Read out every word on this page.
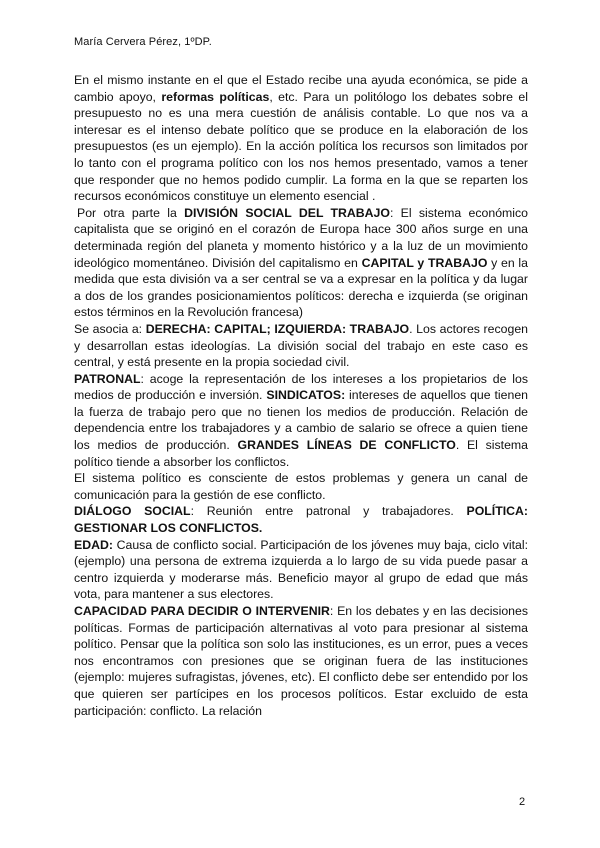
María Cervera Pérez, 1ºDP.

En el mismo instante en el que el Estado recibe una ayuda económica, se pide a cambio apoyo, reformas políticas, etc. Para un politólogo los debates sobre el presupuesto no es una mera cuestión de análisis contable. Lo que nos va a interesar es el intenso debate político que se produce en la elaboración de los presupuestos (es un ejemplo). En la acción política los recursos son limitados por lo tanto con el programa político con los nos hemos presentado, vamos a tener que responder que no hemos podido cumplir. La forma en la que se reparten los recursos económicos constituye un elemento esencial .

Por otra parte la DIVISIÓN SOCIAL DEL TRABAJO: El sistema económico capitalista que se originó en el corazón de Europa hace 300 años surge en una determinada región del planeta y momento histórico y a la luz de un movimiento ideológico momentáneo. División del capitalismo en CAPITAL y TRABAJO y en la medida que esta división va a ser central se va a expresar en la política y da lugar a dos de los grandes posicionamientos políticos: derecha e izquierda (se originan estos términos en la Revolución francesa)

Se asocia a: DERECHA: CAPITAL; IZQUIERDA: TRABAJO. Los actores recogen y desarrollan estas ideologías. La división social del trabajo en este caso es central, y está presente en la propia sociedad civil.

PATRONAL: acoge la representación de los intereses a los propietarios de los medios de producción e inversión. SINDICATOS: intereses de aquellos que tienen la fuerza de trabajo pero que no tienen los medios de producción. Relación de dependencia entre los trabajadores y a cambio de salario se ofrece a quien tiene los medios de producción. GRANDES LÍNEAS DE CONFLICTO. El sistema político tiende a absorber los conflictos.

El sistema político es consciente de estos problemas y genera un canal de comunicación para la gestión de ese conflicto.

DIÁLOGO SOCIAL: Reunión entre patronal y trabajadores. POLÍTICA: GESTIONAR LOS CONFLICTOS.

EDAD: Causa de conflicto social. Participación de los jóvenes muy baja, ciclo vital: (ejemplo) una persona de extrema izquierda a lo largo de su vida puede pasar a centro izquierda y moderarse más. Beneficio mayor al grupo de edad que más vota, para mantener a sus electores.

CAPACIDAD PARA DECIDIR O INTERVENIR: En los debates y en las decisiones políticas. Formas de participación alternativas al voto para presionar al sistema político. Pensar que la política son solo las instituciones, es un error, pues a veces nos encontramos con presiones que se originan fuera de las instituciones (ejemplo: mujeres sufragistas, jóvenes, etc). El conflicto debe ser entendido por los que quieren ser partícipes en los procesos políticos. Estar excluido de esta participación: conflicto. La relación

2
